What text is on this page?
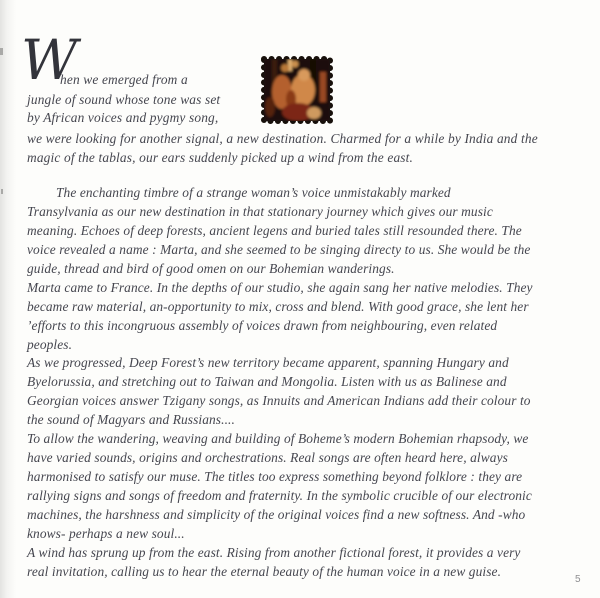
W
hen we emerged from a
jungle of sound whose tone was set
by African voices and pygmy song,
we were looking for another signal, a new destination. Charmed for a while by India and the
magic of the tablas, our ears suddenly picked up a wind from the east.
The enchanting timbre of a strange woman’s voice unmistakably marked
Transylvania as our new destination in that stationary journey which gives our music
meaning. Echoes of deep forests, ancient legens and buried tales still resounded there. The
voice revealed a name : Marta, and she seemed to be singing directy to us. She would be the
guide, thread and bird of good omen on our Bohemian wanderings.
Marta came to France. In the depths of our studio, she again sang her native melodies. They
became raw material, an-opportunity to mix, cross and blend. With good grace, she lent her
’efforts to this incongruous assembly of voices drawn from neighbouring, even related
peoples.
As we progressed, Deep Forest’s new territory became apparent, spanning Hungary and
Byelorussia, and stretching out to Taiwan and Mongolia. Listen with us as Balinese and
Georgian voices answer Tzigany songs, as Innuits and American Indians add their colour to
the sound of Magyars and Russians....
To allow the wandering, weaving and building of Boheme’s modern Bohemian rhapsody, we
have varied sounds, origins and orchestrations. Real songs are often heard here, always
harmonised to satisfy our muse. The titles too express something beyond folklore : they are
rallying signs and songs of freedom and fraternity. In the symbolic crucible of our electronic
machines, the harshness and simplicity of the original voices find a new softness. And -who
knows- perhaps a new soul...
A wind has sprung up from the east. Rising from another fictional forest, it provides a very
real invitation, calling us to hear the eternal beauty of the human voice in a new guise.
5
